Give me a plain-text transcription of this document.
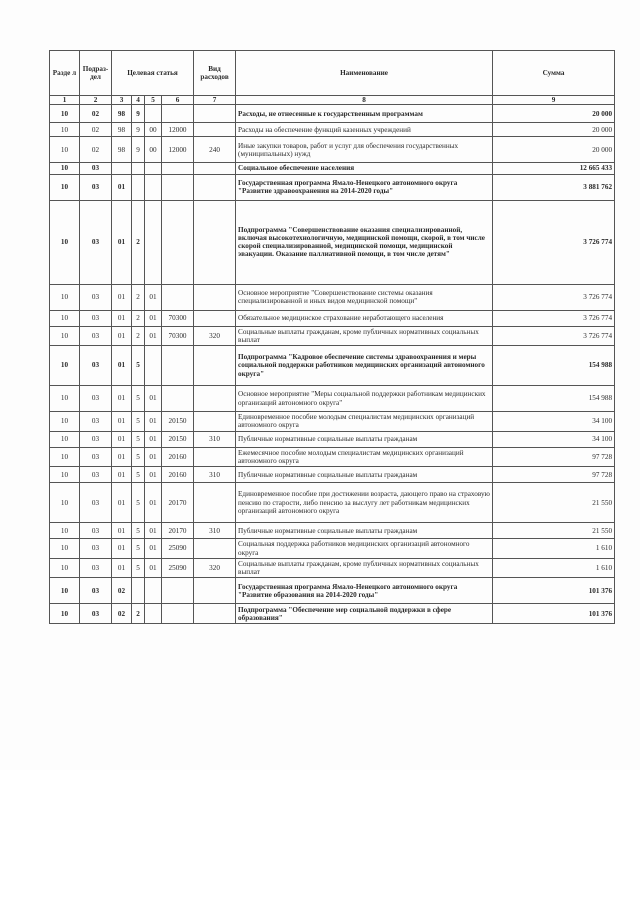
Разде л	Подраз-дел	Целевая статья				Вид расходов	Наименование	Сумма
1	2	3	4	5	6	7	8	9
10	02	98	9				Расходы, не отнесенные к государственным программам	20 000
10	02	98	9	00	12000		Расходы на обеспечение функций казенных учреждений	20 000
10	02	98	9	00	12000	240	Иные закупки товаров, работ и услуг для обеспечения государственных (муниципальных) нужд	20 000
10	03						Социальное обеспечение населения	12 665 433
10	03	01					Государственная программа Ямало-Ненецкого автономного округа "Развитие здравоохранения на 2014-2020 годы"	3 881 762
10	03	01	2				Подпрограмма "Совершенствование оказания специализированной, включая высокотехнологичную, медицинской помощи, скорой, в том числе скорой специализированной, медицинской помощи, медицинской эвакуации. Оказание паллиативной помощи, в том числе детям"	3 726 774
10	03	01	2	01			Основное мероприятие "Совершенствование системы оказания специализированной и иных видов медицинской помощи"	3 726 774
10	03	01	2	01	70300		Обязательное медицинское страхование неработающего населения	3 726 774
10	03	01	2	01	70300	320	Социальные выплаты гражданам, кроме публичных нормативных социальных выплат	3 726 774
10	03	01	5				Подпрограмма "Кадровое обеспечение системы здравоохранения и меры социальной поддержки работников медицинских организаций автономного округа"	154 988
10	03	01	5	01			Основное мероприятие "Меры социальной поддержки работникам медицинских организаций автономного округа"	154 988
10	03	01	5	01	20150		Единовременное пособие молодым специалистам медицинских организаций автономного округа	34 100
10	03	01	5	01	20150	310	Публичные нормативные социальные выплаты гражданам	34 100
10	03	01	5	01	20160		Ежемесячное пособие молодым специалистам медицинских организаций автономного округа	97 728
10	03	01	5	01	20160	310	Публичные нормативные социальные выплаты гражданам	97 728
10	03	01	5	01	20170		Единовременное пособие при достижении возраста, дающего право на страховую пенсию по старости, либо пенсию за выслугу лет работникам медицинских организаций автономного округа	21 550
10	03	01	5	01	20170	310	Публичные нормативные социальные выплаты гражданам	21 550
10	03	01	5	01	25090		Социальная поддержка работников медицинских организаций автономного округа	1 610
10	03	01	5	01	25090	320	Социальные выплаты гражданам, кроме публичных нормативных социальных выплат	1 610
10	03	02					Государственная программа Ямало-Ненецкого автономного округа "Развитие образования на 2014-2020 годы"	101 376
10	03	02	2				Подпрограмма "Обеспечение мер социальной поддержки в сфере образования"	101 376
